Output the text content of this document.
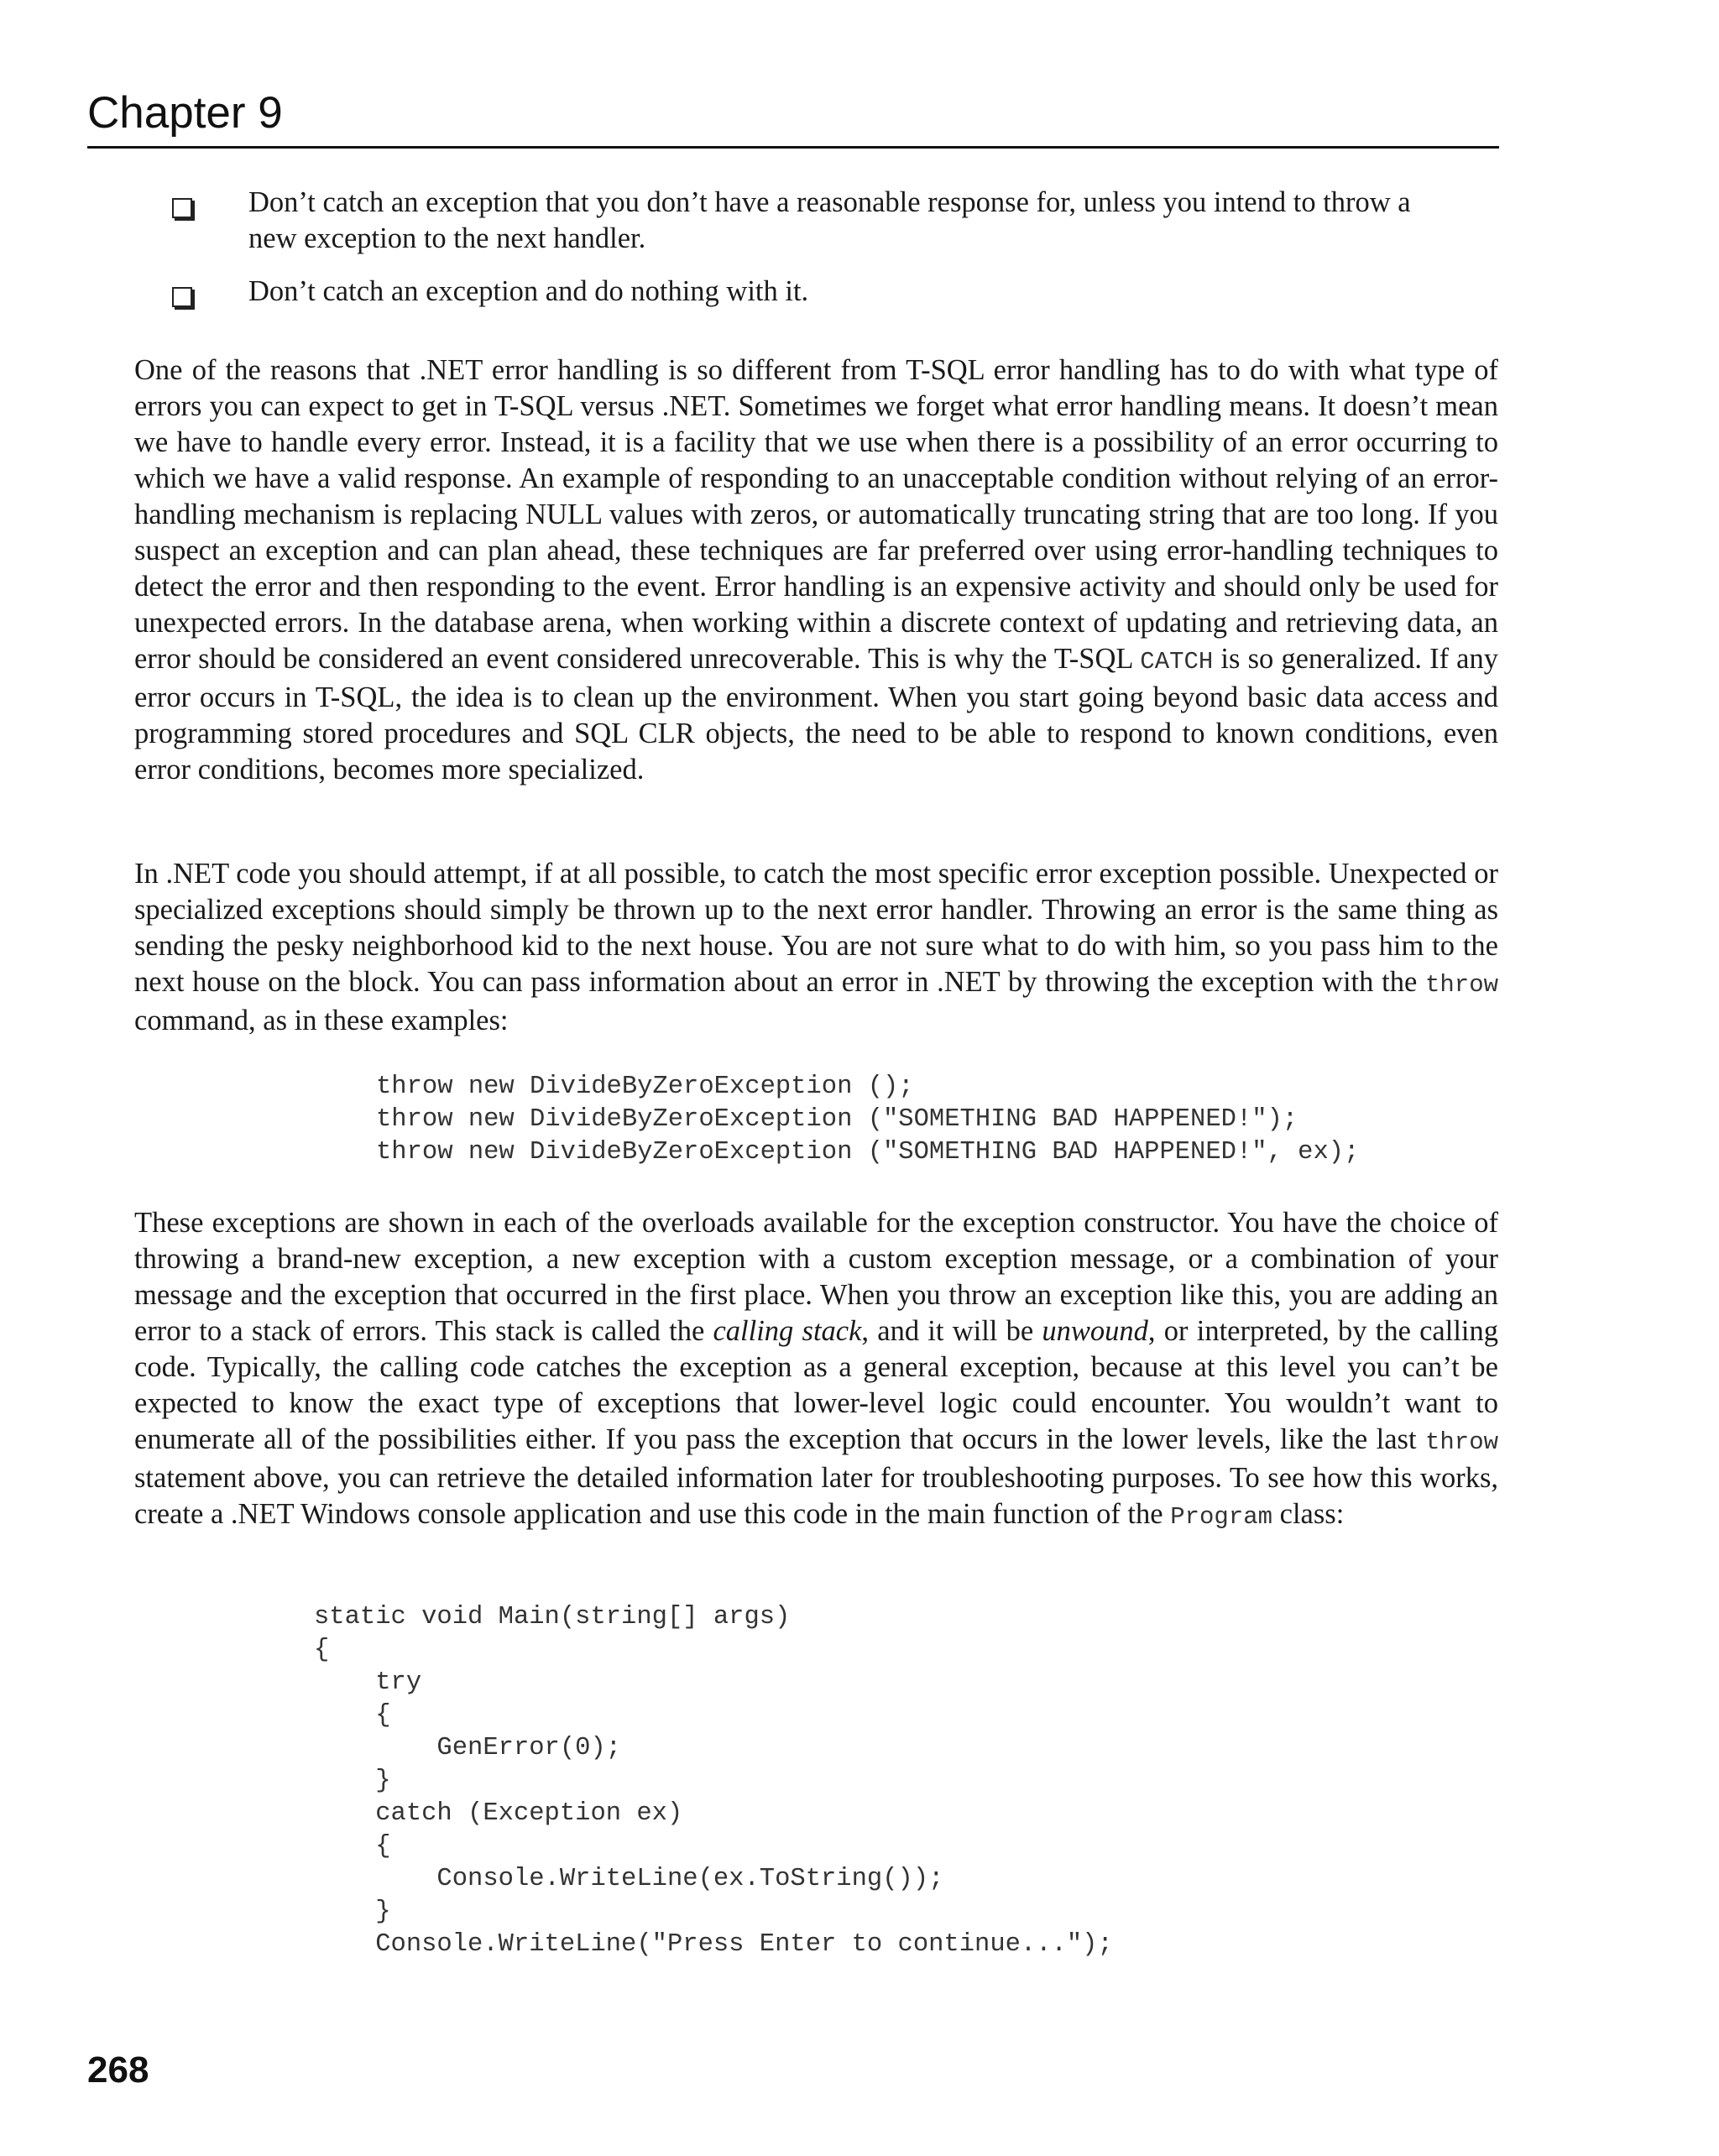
Chapter 9
Don’t catch an exception that you don’t have a reasonable response for, unless you intend to throw a new exception to the next handler.
Don’t catch an exception and do nothing with it.
One of the reasons that .NET error handling is so different from T-SQL error handling has to do with what type of errors you can expect to get in T-SQL versus .NET. Sometimes we forget what error handling means. It doesn’t mean we have to handle every error. Instead, it is a facility that we use when there is a possibility of an error occurring to which we have a valid response. An example of responding to an unacceptable condition without relying of an error-handling mechanism is replacing NULL values with zeros, or automatically truncating string that are too long. If you suspect an exception and can plan ahead, these techniques are far preferred over using error-handling techniques to detect the error and then responding to the event. Error handling is an expensive activity and should only be used for unexpected errors. In the database arena, when working within a discrete context of updating and retrieving data, an error should be considered an event considered unrecoverable. This is why the T-SQL CATCH is so generalized. If any error occurs in T-SQL, the idea is to clean up the environment. When you start going beyond basic data access and programming stored procedures and SQL CLR objects, the need to be able to respond to known conditions, even error conditions, becomes more specialized.
In .NET code you should attempt, if at all possible, to catch the most specific error exception possible. Unexpected or specialized exceptions should simply be thrown up to the next error handler. Throwing an error is the same thing as sending the pesky neighborhood kid to the next house. You are not sure what to do with him, so you pass him to the next house on the block. You can pass information about an error in .NET by throwing the exception with the throw command, as in these examples:
throw new DivideByZeroException ();
throw new DivideByZeroException ("SOMETHING BAD HAPPENED!");
throw new DivideByZeroException ("SOMETHING BAD HAPPENED!", ex);
These exceptions are shown in each of the overloads available for the exception constructor. You have the choice of throwing a brand-new exception, a new exception with a custom exception message, or a combination of your message and the exception that occurred in the first place. When you throw an exception like this, you are adding an error to a stack of errors. This stack is called the calling stack, and it will be unwound, or interpreted, by the calling code. Typically, the calling code catches the exception as a general exception, because at this level you can’t be expected to know the exact type of exceptions that lower-level logic could encounter. You wouldn’t want to enumerate all of the possibilities either. If you pass the exception that occurs in the lower levels, like the last throw statement above, you can retrieve the detailed information later for troubleshooting purposes. To see how this works, create a .NET Windows console application and use this code in the main function of the Program class:
static void Main(string[] args)
{
try
{
GenError(0);
}
catch (Exception ex)
{
Console.WriteLine(ex.ToString());
}
Console.WriteLine("Press Enter to continue...");
268
